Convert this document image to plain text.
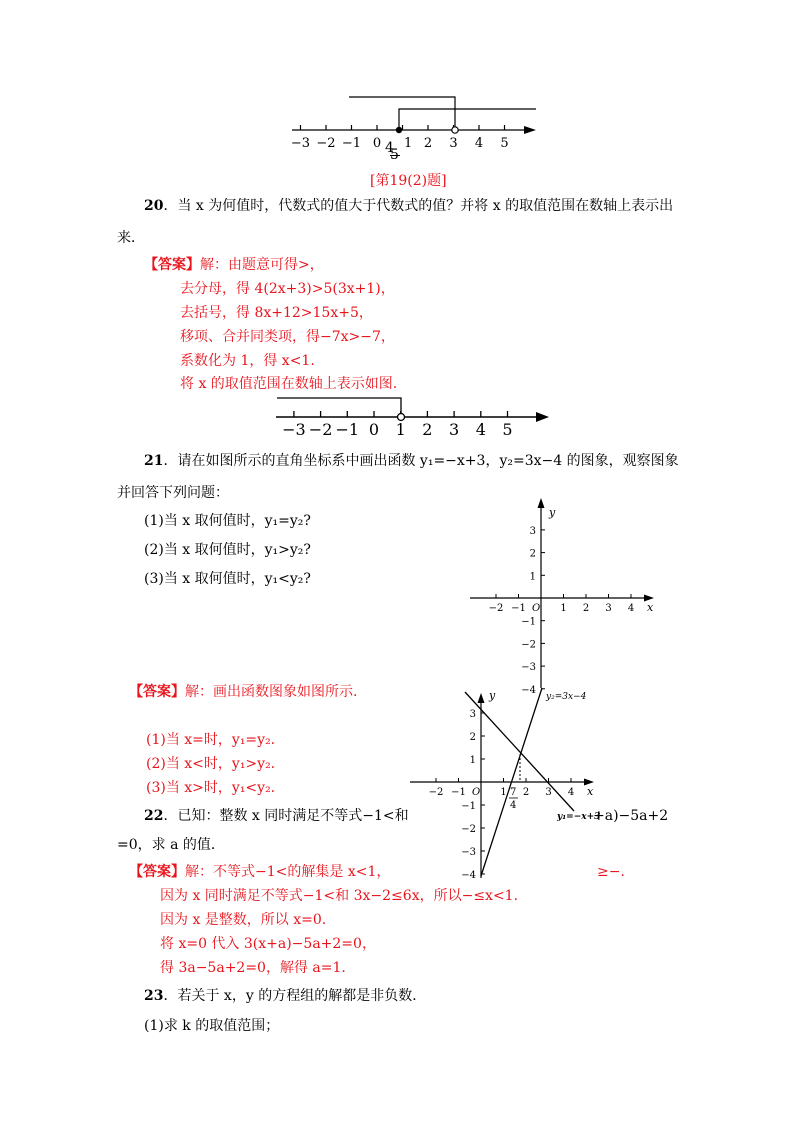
−3 −2 −1 0	2 3 4 5
1
4
5
[第19(2)题]
20．当 x 为何值时，代数式的值大于代数式的值？并将 x 的取值范围在数轴上表示出
来．
【答案】解：由题意可得>，
去分母，得 4(2x+3)>5(3x+1)，
去括号，得 8x+12>15x+5，
移项、合并同类项，得−7x>−7，
系数化为 1，得 x<1.
将 x 的取值范围在数轴上表示如图.
−3 −2 −1 0 1 2 3 4 5
21．请在如图所示的直角坐标系中画出函数 y₁=−x+3，y₂=3x−4 的图象，观察图象
并回答下列问题：
(1)当 x 取何值时，y₁=y₂?
(2)当 x 取何值时，y₁>y₂?
(3)当 x 取何值时，y₁<y₂?
−2 −1	1 2 3 4
3
2
1
−1
−2
−3
−4
O	x
y
【答案】解：画出函数图象如图所示.
(1)当 x=时，y₁=y₂.
(2)当 x<时，y₁>y₂.
(3)当 x>时，y₁<y₂.	−2 −1	1 2 3 4
3
2
1
−1
−2
−3
−4
O	x
y	y₂=3x−4
y₁=−x+3
7
4
22．已知：整数 x 同时满足不等式−1<和	+a)−5a+2
=0，求 a 的值．
【答案】解：不等式−1<的解集是 x<1，	≥−.
因为 x 同时满足不等式−1<和 3x−2≤6x，所以−≤x<1.
因为 x 是整数，所以 x=0.
将 x=0 代入 3(x+a)−5a+2=0，
得 3a−5a+2=0，解得 a=1.
23．若关于 x，y 的方程组的解都是非负数．
(1)求 k 的取值范围；
